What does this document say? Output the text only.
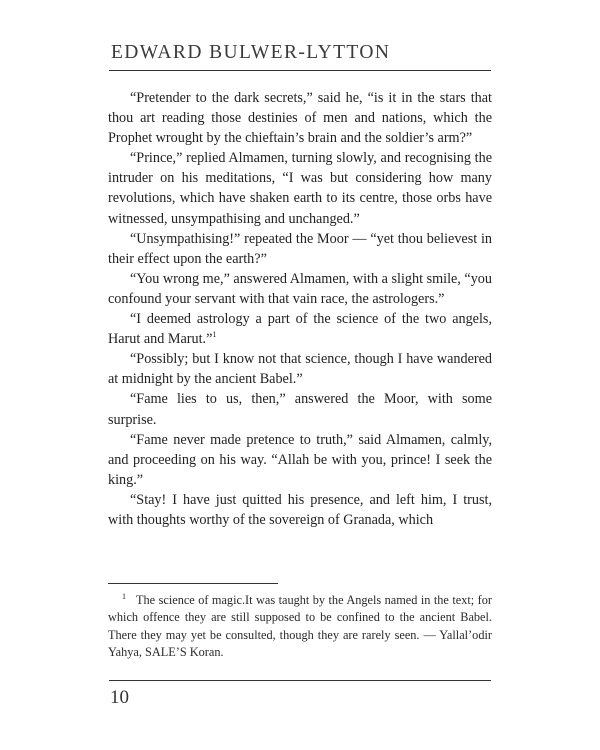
EDWARD BULWER-LYTTON

“Pretender to the dark secrets,” said he, “is it in the stars that thou art reading those destinies of men and nations, which the Prophet wrought by the chieftain’s brain and the soldier’s arm?”

“Prince,” replied Almamen, turning slowly, and recognising the intruder on his meditations, “I was but considering how many revolutions, which have shaken earth to its centre, those orbs have witnessed, unsympathising and unchanged.”

“Unsympathising!” repeated the Moor — “yet thou believest in their effect upon the earth?”

“You wrong me,” answered Almamen, with a slight smile, “you confound your servant with that vain race, the astrologers.”

“I deemed astrology a part of the science of the two angels, Harut and Marut.”$^1$

“Possibly; but I know not that science, though I have wandered at midnight by the ancient Babel.”

“Fame lies to us, then,” answered the Moor, with some surprise.

“Fame never made pretence to truth,” said Almamen, calmly, and proceeding on his way. “Allah be with you, prince! I seek the king.”

“Stay! I have just quitted his presence, and left him, I trust, with thoughts worthy of the sovereign of Granada, which

$^1$ The science of magic.It was taught by the Angels named in the text; for which offence they are still supposed to be confined to the ancient Babel. There they may yet be consulted, though they are rarely seen. — Yallal’odir Yahya, SALE’S Koran.

10
